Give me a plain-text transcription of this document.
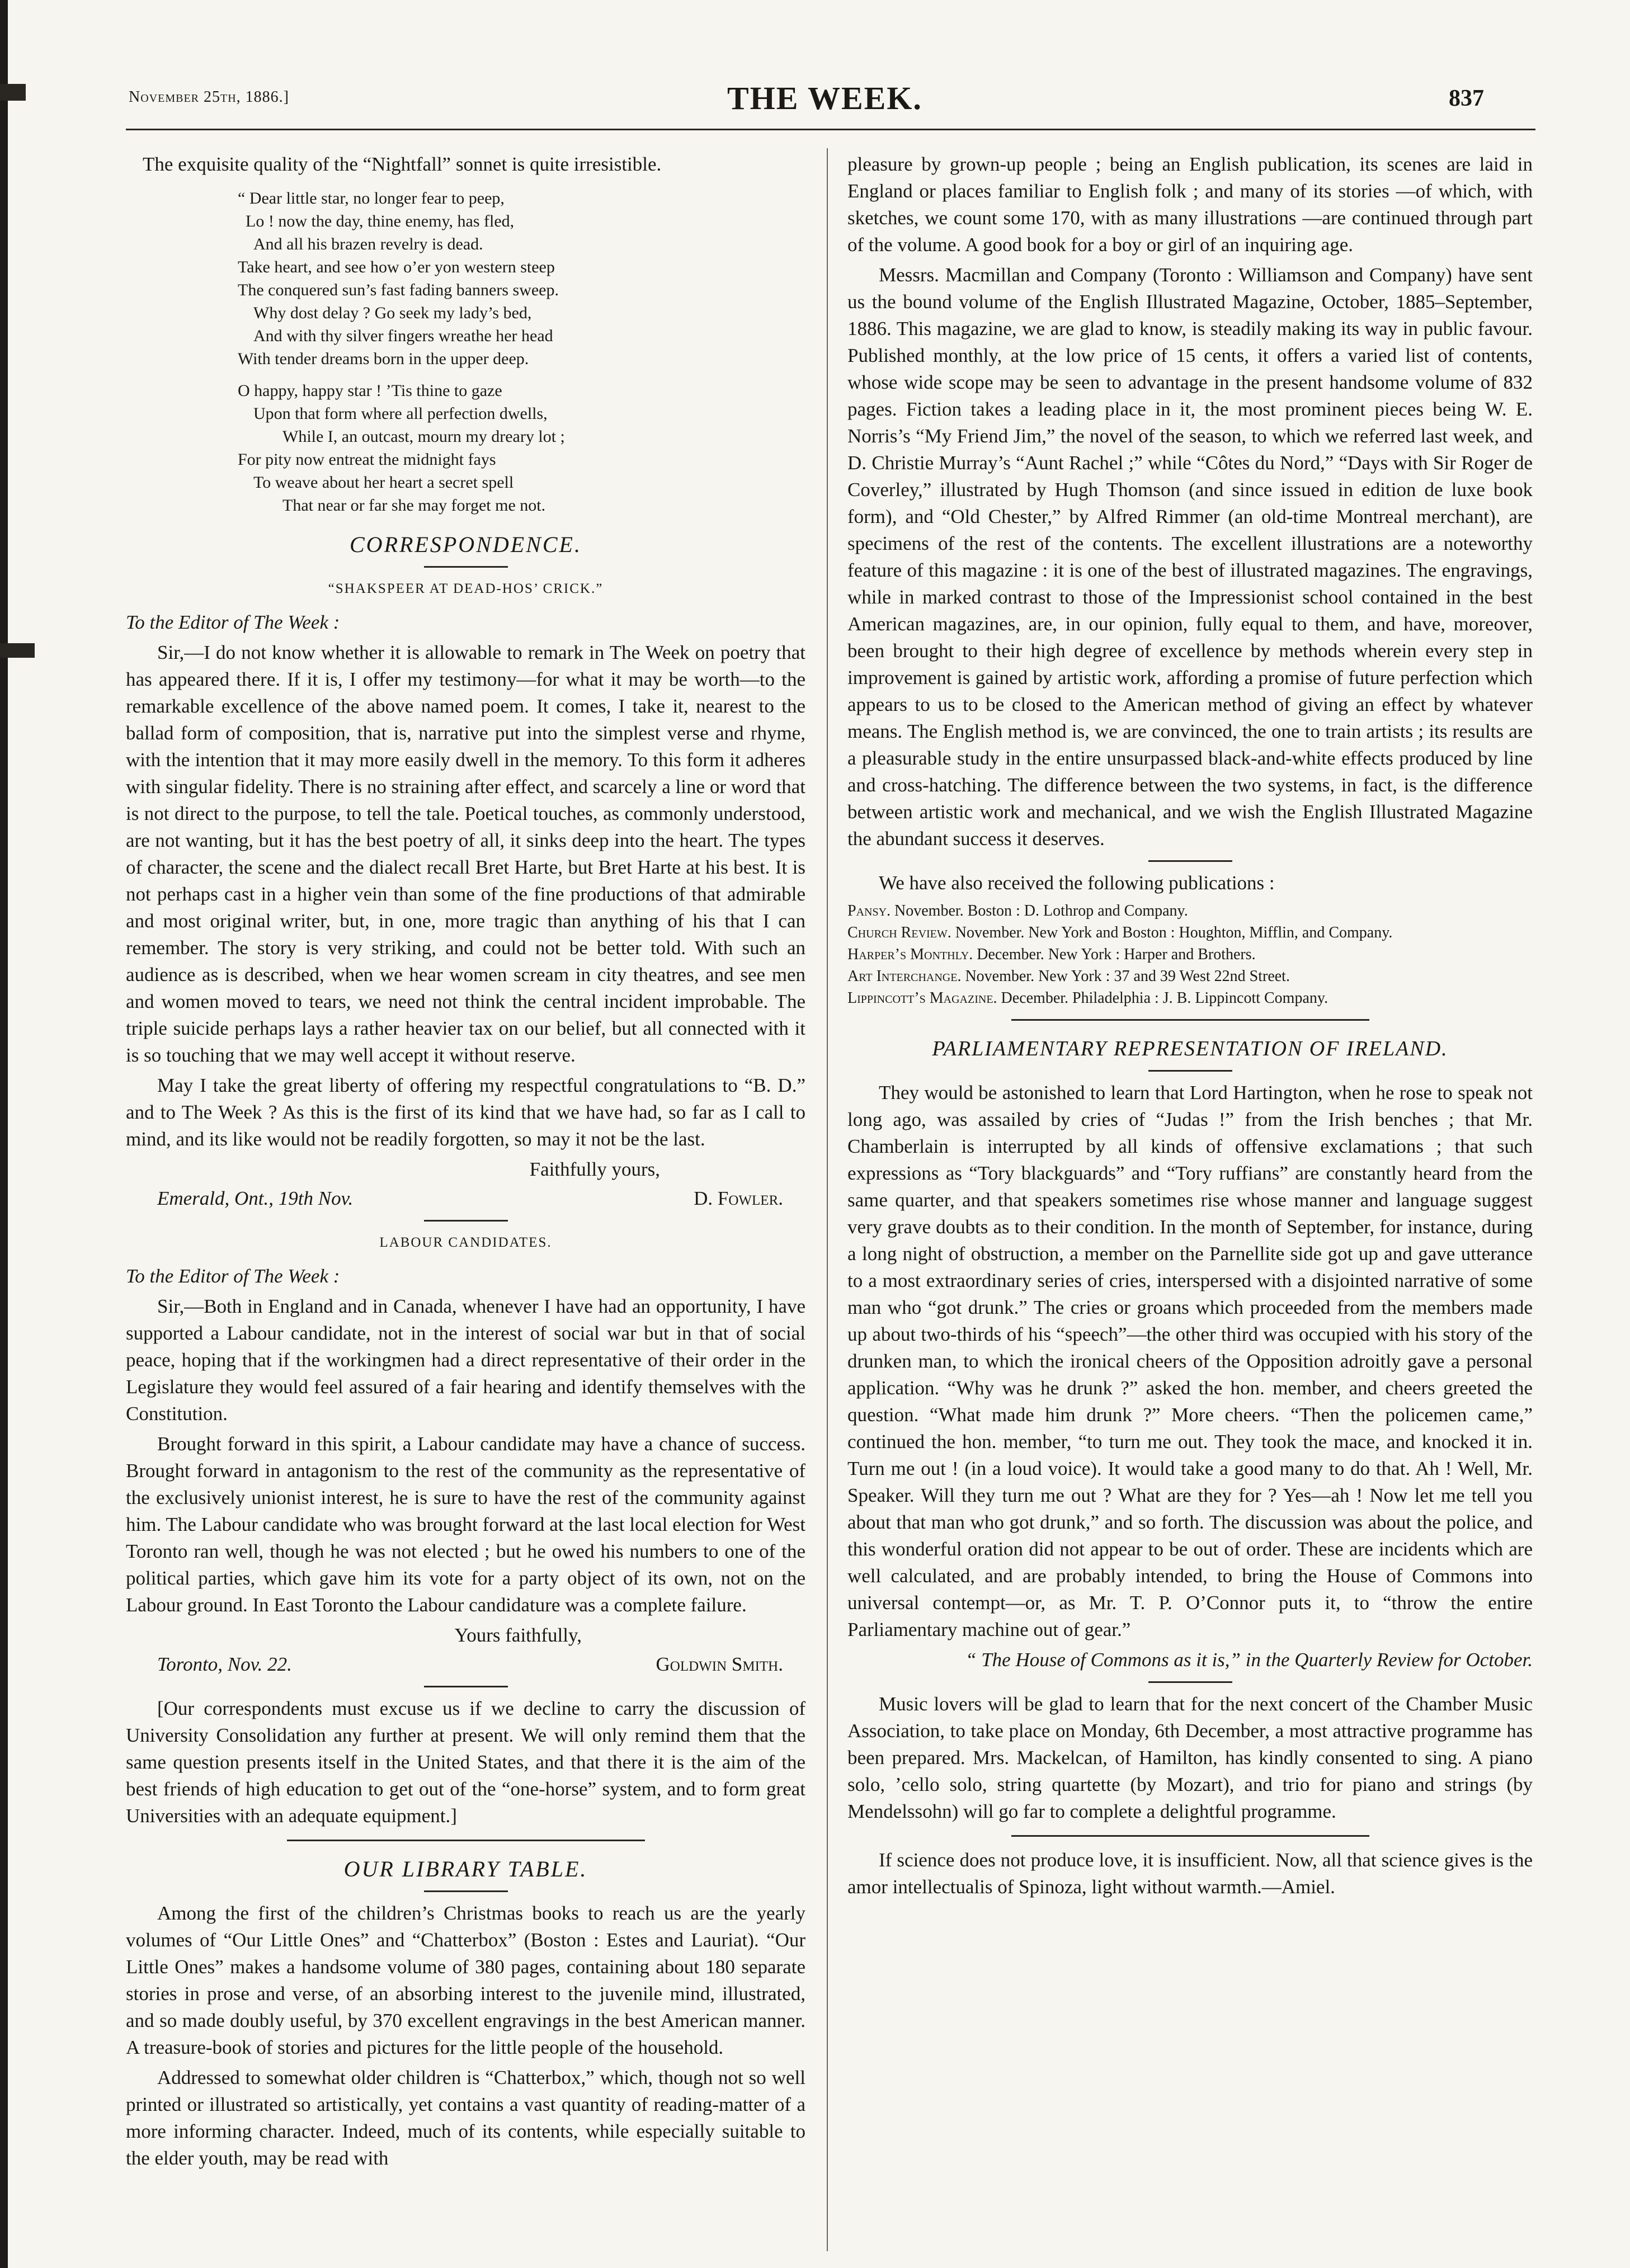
November 25th, 1886.]	THE WEEK.	837

The exquisite quality of the “Nightfall” sonnet is quite irresistible.

“ Dear little star, no longer fear to peep,
Lo ! now the day, thine enemy, has fled,
And all his brazen revelry is dead.
Take heart, and see how o’er yon western steep
The conquered sun’s fast fading banners sweep.
Why dost delay ? Go seek my lady’s bed,
And with thy silver fingers wreathe her head
With tender dreams born in the upper deep.
O happy, happy star ! ’Tis thine to gaze
Upon that form where all perfection dwells,
While I, an outcast, mourn my dreary lot ;
For pity now entreat the midnight fays
To weave about her heart a secret spell
That near or far she may forget me not.
CORRESPONDENCE.
“SHAKSPEER AT DEAD-HOS’ CRICK.”

To the Editor of The Week :

Sir,—I do not know whether it is allowable to remark in The Week on poetry that has appeared there. If it is, I offer my testimony—for what it may be worth—to the remarkable excellence of the above named poem. It comes, I take it, nearest to the ballad form of composition, that is, narrative put into the simplest verse and rhyme, with the intention that it may more easily dwell in the memory. To this form it adheres with singular fidelity. There is no straining after effect, and scarcely a line or word that is not direct to the purpose, to tell the tale. Poetical touches, as commonly understood, are not wanting, but it has the best poetry of all, it sinks deep into the heart. The types of character, the scene and the dialect recall Bret Harte, but Bret Harte at his best. It is not perhaps cast in a higher vein than some of the fine productions of that admirable and most original writer, but, in one, more tragic than anything of his that I can remember. The story is very striking, and could not be better told. With such an audience as is described, when we hear women scream in city theatres, and see men and women moved to tears, we need not think the central incident improbable. The triple suicide perhaps lays a rather heavier tax on our belief, but all connected with it is so touching that we may well accept it without reserve.

May I take the great liberty of offering my respectful congratulations to “B. D.” and to The Week ? As this is the first of its kind that we have had, so far as I call to mind, and its like would not be readily forgotten, so may it not be the last.

Faithfully yours,
Emerald, Ont., 19th Nov.	D. Fowler.
LABOUR CANDIDATES.

To the Editor of The Week :

Sir,—Both in England and in Canada, whenever I have had an opportunity, I have supported a Labour candidate, not in the interest of social war but in that of social peace, hoping that if the workingmen had a direct representative of their order in the Legislature they would feel assured of a fair hearing and identify themselves with the Constitution.

Brought forward in this spirit, a Labour candidate may have a chance of success. Brought forward in antagonism to the rest of the community as the representative of the exclusively unionist interest, he is sure to have the rest of the community against him. The Labour candidate who was brought forward at the last local election for West Toronto ran well, though he was not elected ; but he owed his numbers to one of the political parties, which gave him its vote for a party object of its own, not on the Labour ground. In East Toronto the Labour candidature was a complete failure.

Yours faithfully,
Toronto, Nov. 22.	Goldwin Smith.

[Our correspondents must excuse us if we decline to carry the discussion of University Consolidation any further at present. We will only remind them that the same question presents itself in the United States, and that there it is the aim of the best friends of high education to get out of the “one-horse” system, and to form great Universities with an adequate equipment.]

OUR LIBRARY TABLE.

Among the first of the children’s Christmas books to reach us are the yearly volumes of “Our Little Ones” and “Chatterbox” (Boston : Estes and Lauriat). “Our Little Ones” makes a handsome volume of 380 pages, containing about 180 separate stories in prose and verse, of an absorbing interest to the juvenile mind, illustrated, and so made doubly useful, by 370 excellent engravings in the best American manner. A treasure-book of stories and pictures for the little people of the household.

Addressed to somewhat older children is “Chatterbox,” which, though not so well printed or illustrated so artistically, yet contains a vast quantity of reading-matter of a more informing character. Indeed, much of its contents, while especially suitable to the elder youth, may be read with

pleasure by grown-up people ; being an English publication, its scenes are laid in England or places familiar to English folk ; and many of its stories —of which, with sketches, we count some 170, with as many illustrations —are continued through part of the volume. A good book for a boy or girl of an inquiring age.

Messrs. Macmillan and Company (Toronto : Williamson and Company) have sent us the bound volume of the English Illustrated Magazine, October, 1885–September, 1886. This magazine, we are glad to know, is steadily making its way in public favour. Published monthly, at the low price of 15 cents, it offers a varied list of contents, whose wide scope may be seen to advantage in the present handsome volume of 832 pages. Fiction takes a leading place in it, the most prominent pieces being W. E. Norris’s “My Friend Jim,” the novel of the season, to which we referred last week, and D. Christie Murray’s “Aunt Rachel ;” while “Côtes du Nord,” “Days with Sir Roger de Coverley,” illustrated by Hugh Thomson (and since issued in edition de luxe book form), and “Old Chester,” by Alfred Rimmer (an old-time Montreal merchant), are specimens of the rest of the contents. The excellent illustrations are a noteworthy feature of this magazine : it is one of the best of illustrated magazines. The engravings, while in marked contrast to those of the Impressionist school contained in the best American magazines, are, in our opinion, fully equal to them, and have, moreover, been brought to their high degree of excellence by methods wherein every step in improvement is gained by artistic work, affording a promise of future perfection which appears to us to be closed to the American method of giving an effect by whatever means. The English method is, we are convinced, the one to train artists ; its results are a pleasurable study in the entire unsurpassed black-and-white effects produced by line and cross-hatching. The difference between the two systems, in fact, is the difference between artistic work and mechanical, and we wish the English Illustrated Magazine the abundant success it deserves.

We have also received the following publications :

Pansy. November. Boston : D. Lothrop and Company.
Church Review. November. New York and Boston : Houghton, Mifflin, and Company.
Harper’s Monthly. December. New York : Harper and Brothers.
Art Interchange. November. New York : 37 and 39 West 22nd Street.
Lippincott’s Magazine. December. Philadelphia : J. B. Lippincott Company.
PARLIAMENTARY REPRESENTATION OF IRELAND.

They would be astonished to learn that Lord Hartington, when he rose to speak not long ago, was assailed by cries of “Judas !” from the Irish benches ; that Mr. Chamberlain is interrupted by all kinds of offensive exclamations ; that such expressions as “Tory blackguards” and “Tory ruffians” are constantly heard from the same quarter, and that speakers sometimes rise whose manner and language suggest very grave doubts as to their condition. In the month of September, for instance, during a long night of obstruction, a member on the Parnellite side got up and gave utterance to a most extraordinary series of cries, interspersed with a disjointed narrative of some man who “got drunk.” The cries or groans which proceeded from the members made up about two-thirds of his “speech”—the other third was occupied with his story of the drunken man, to which the ironical cheers of the Opposition adroitly gave a personal application. “Why was he drunk ?” asked the hon. member, and cheers greeted the question. “What made him drunk ?” More cheers. “Then the policemen came,” continued the hon. member, “to turn me out. They took the mace, and knocked it in. Turn me out ! (in a loud voice). It would take a good many to do that. Ah ! Well, Mr. Speaker. Will they turn me out ? What are they for ? Yes—ah ! Now let me tell you about that man who got drunk,” and so forth. The discussion was about the police, and this wonderful oration did not appear to be out of order. These are incidents which are well calculated, and are probably intended, to bring the House of Commons into universal contempt—or, as Mr. T. P. O’Connor puts it, to “throw the entire Parliamentary machine out of gear.”

“ The House of Commons as it is,” in the Quarterly Review for October.

Music lovers will be glad to learn that for the next concert of the Chamber Music Association, to take place on Monday, 6th December, a most attractive programme has been prepared. Mrs. Mackelcan, of Hamilton, has kindly consented to sing. A piano solo, ’cello solo, string quartette (by Mozart), and trio for piano and strings (by Mendelssohn) will go far to complete a delightful programme.

If science does not produce love, it is insufficient. Now, all that science gives is the amor intellectualis of Spinoza, light without warmth.—Amiel.
